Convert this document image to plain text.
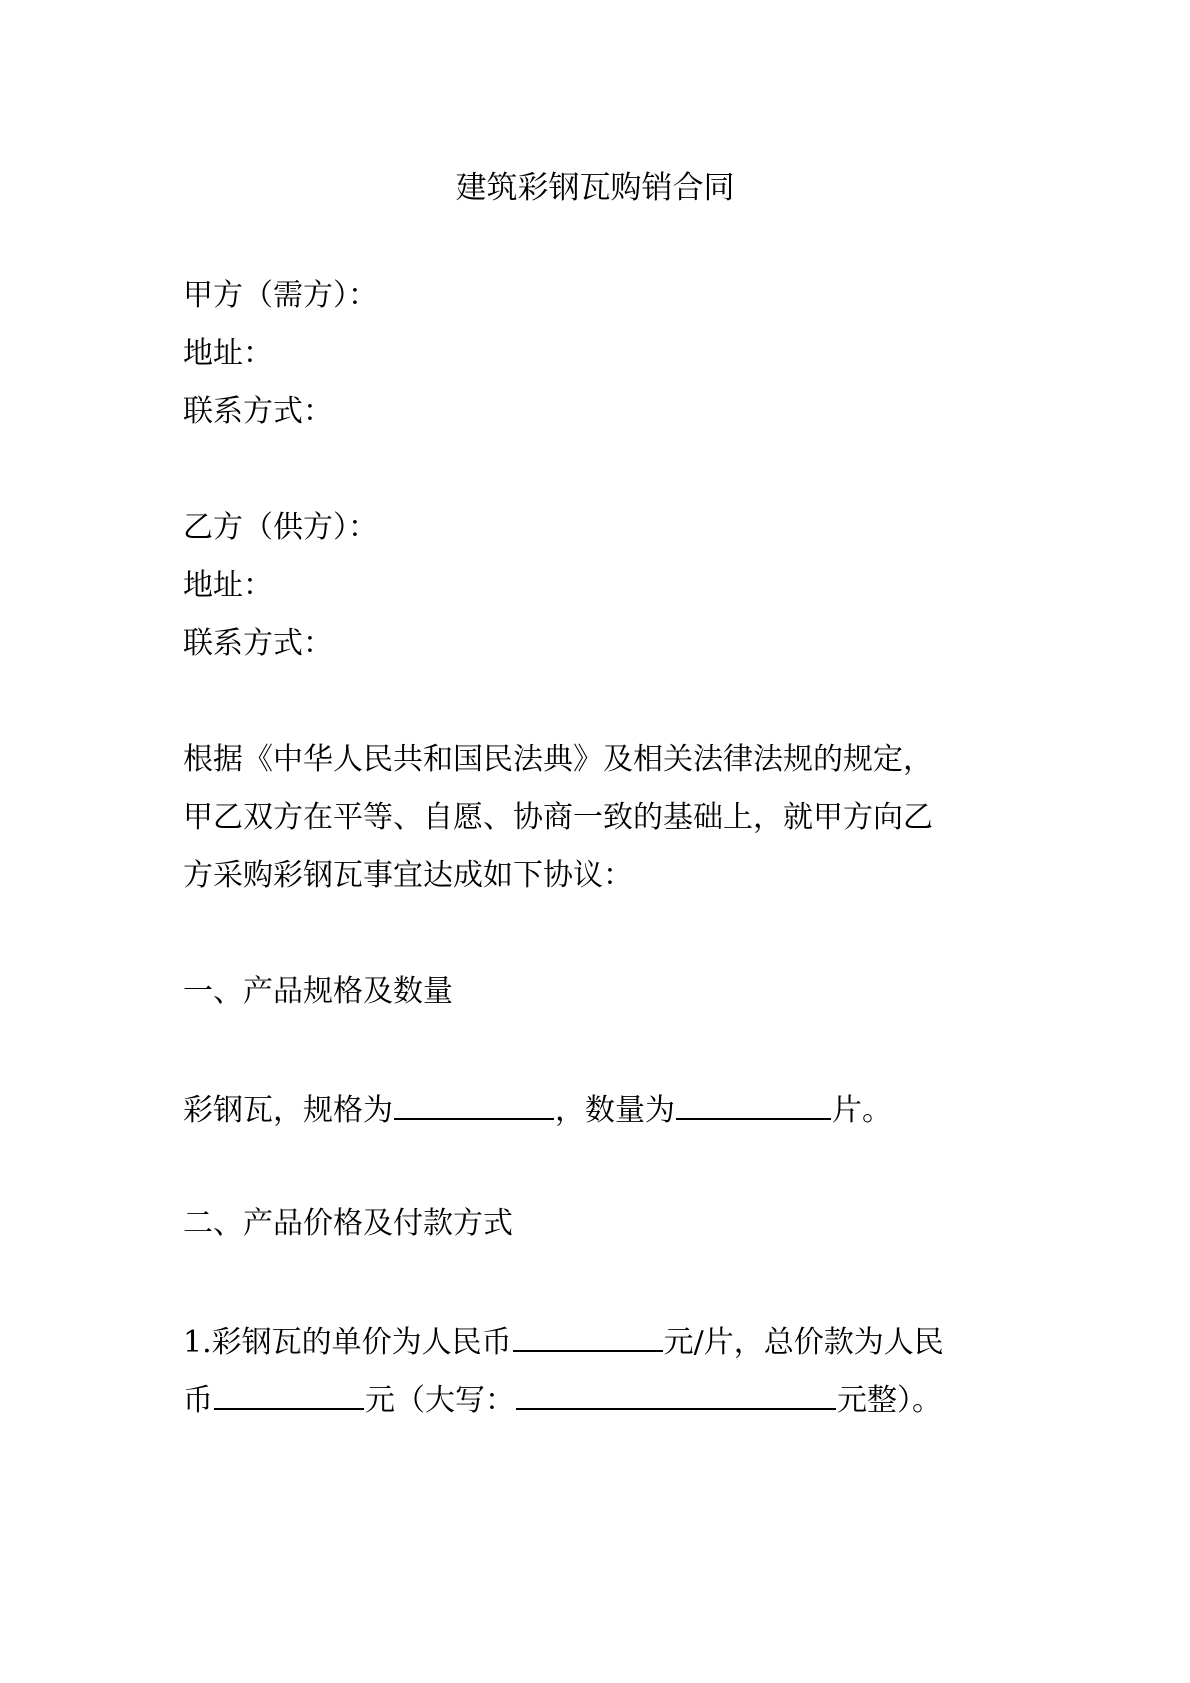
建筑彩钢瓦购销合同
甲方（需方）：
地址：
联系方式：
乙方（供方）：
地址：
联系方式：
根据《中华人民共和国民法典》及相关法律法规的规定，
甲乙双方在平等、自愿、协商一致的基础上，就甲方向乙
方采购彩钢瓦事宜达成如下协议：
一、产品规格及数量
彩钢瓦，规格为	，数量为	片。
二、产品价格及付款方式
1.彩钢瓦的单价为人民币	元/片，总价款为人民
币	元（大写：	元整）。
